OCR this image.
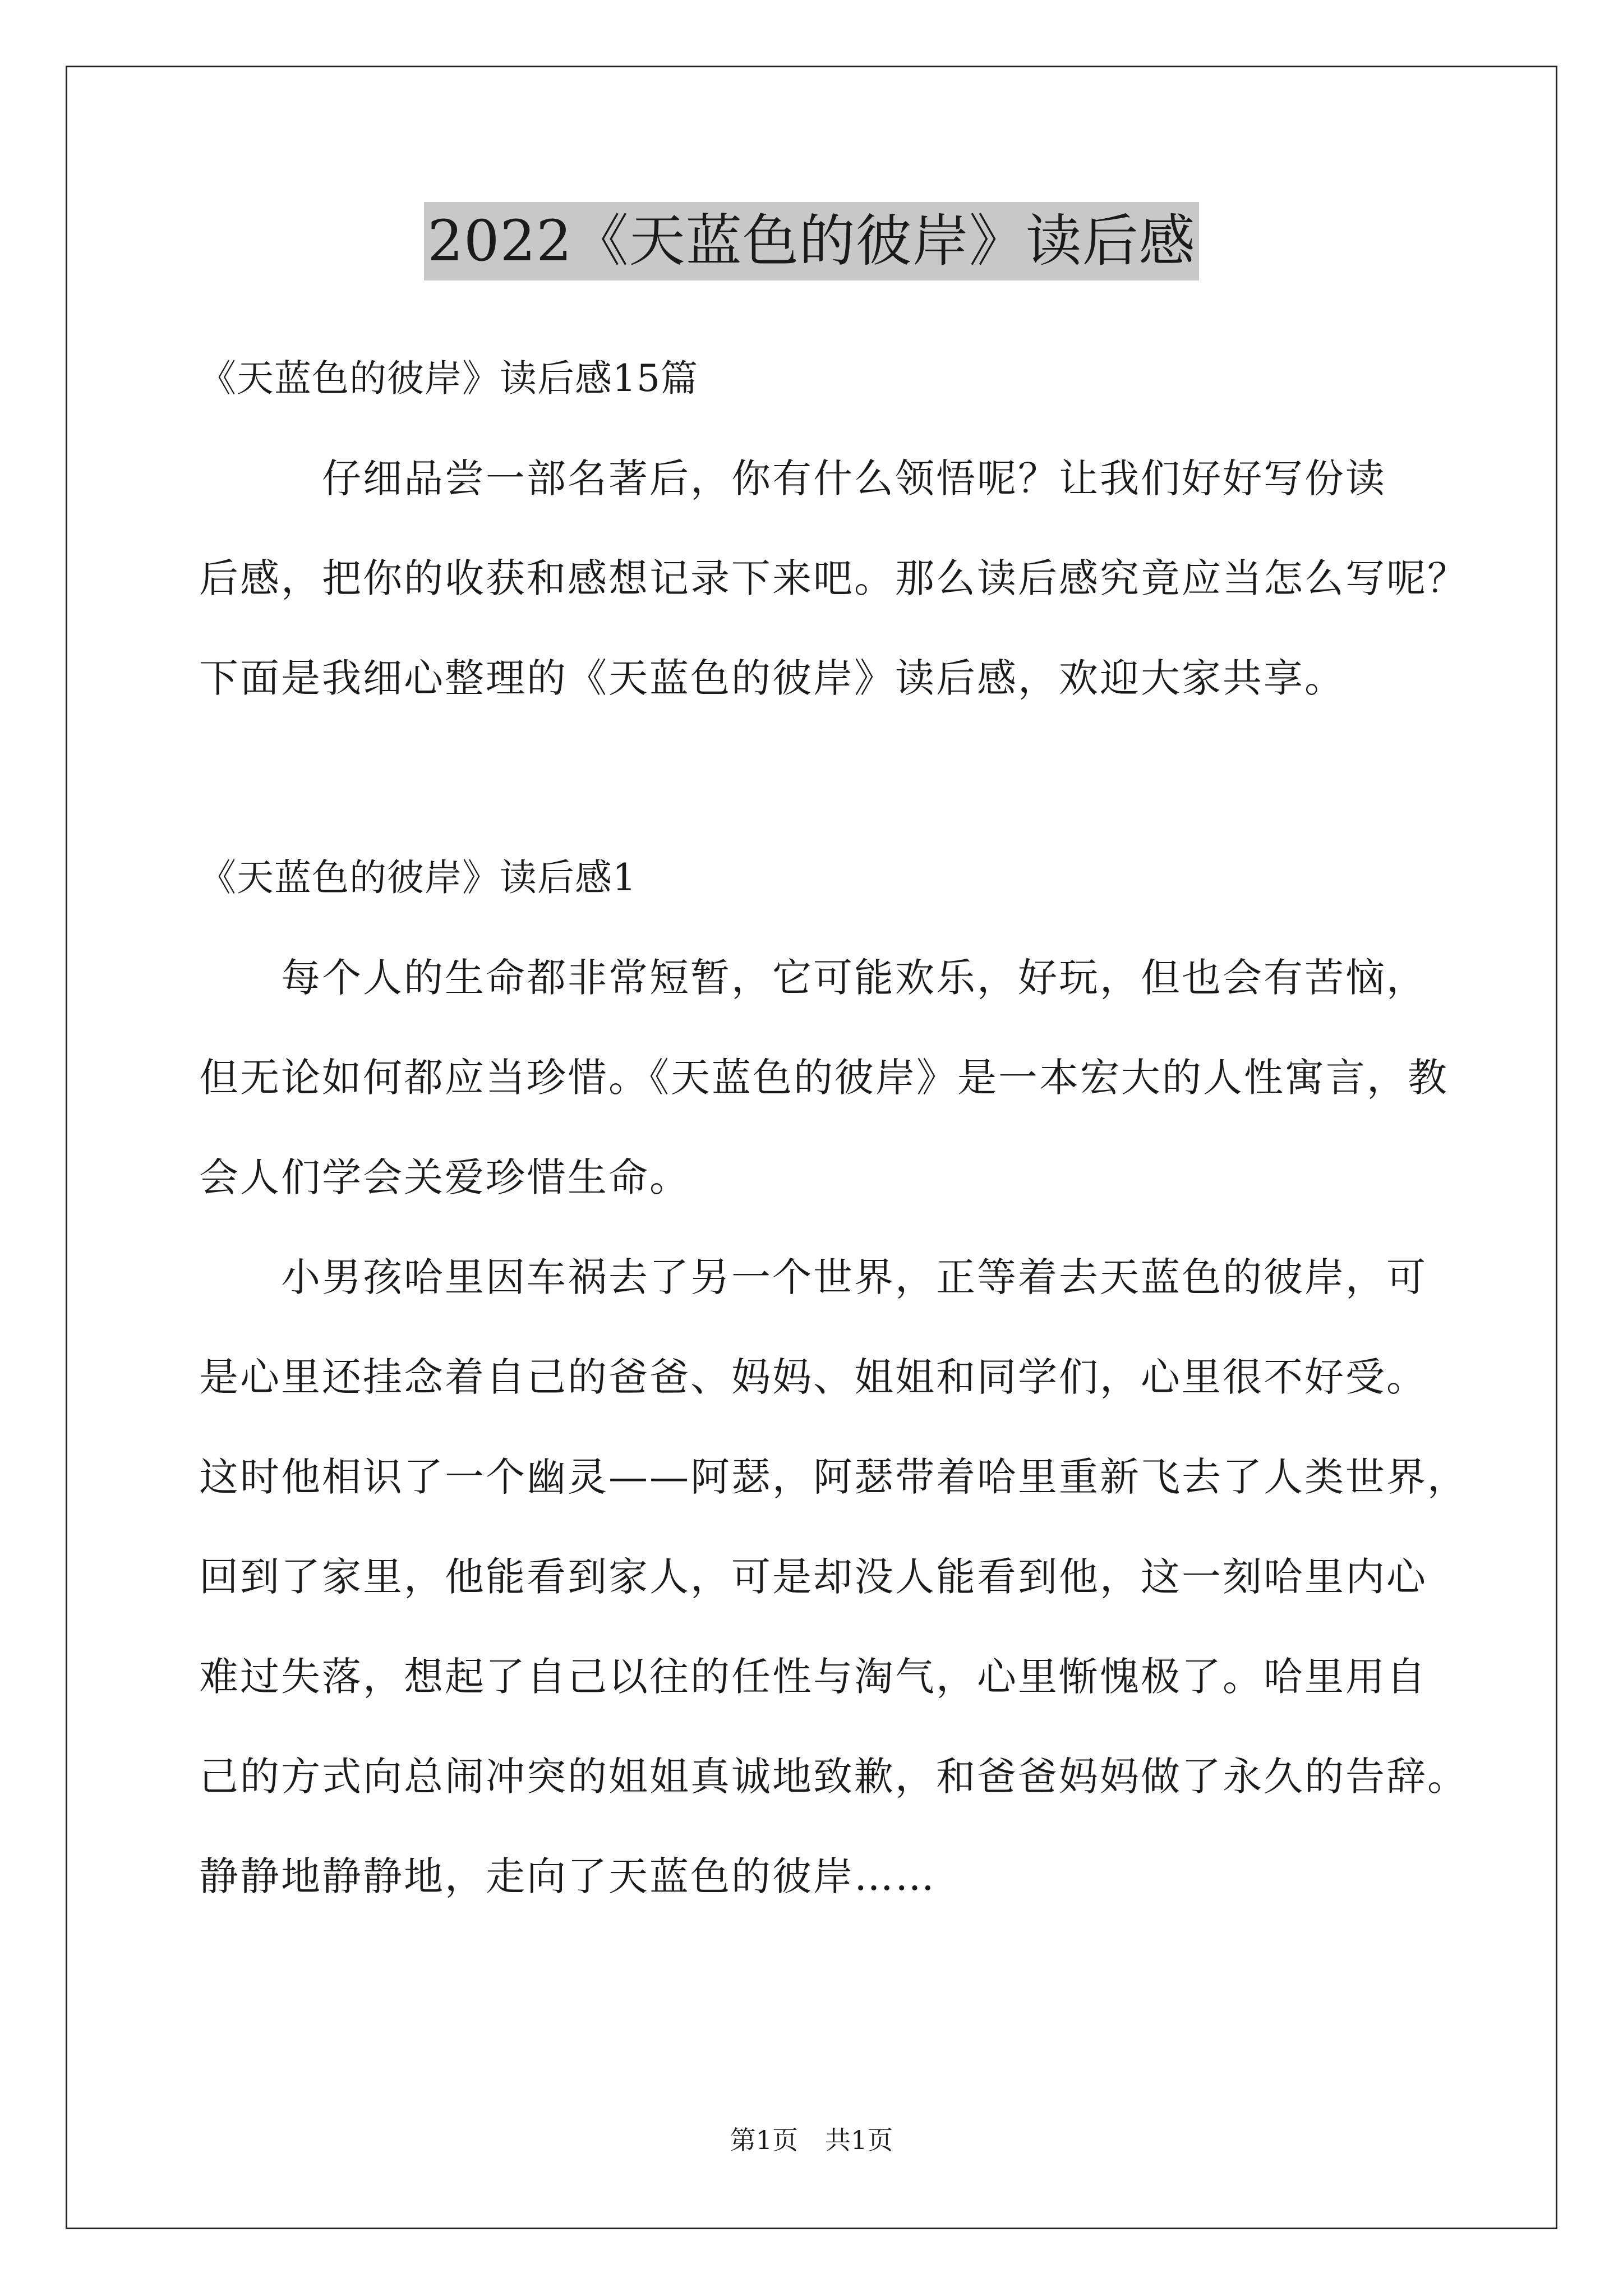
2022《天蓝色的彼岸》读后感
《天蓝色的彼岸》读后感15篇
仔细品尝一部名著后，你有什么领悟呢？让我们好好写份读
后感，把你的收获和感想记录下来吧。那么读后感究竟应当怎么写呢？
下面是我细心整理的《天蓝色的彼岸》读后感，欢迎大家共享。
《天蓝色的彼岸》读后感1
每个人的生命都非常短暂，它可能欢乐，好玩，但也会有苦恼，
但无论如何都应当珍惜。《天蓝色的彼岸》是一本宏大的人性寓言，教
会人们学会关爱珍惜生命。
小男孩哈里因车祸去了另一个世界，正等着去天蓝色的彼岸，可
是心里还挂念着自己的爸爸、妈妈、姐姐和同学们，心里很不好受。
这时他相识了一个幽灵——阿瑟，阿瑟带着哈里重新飞去了人类世界，
回到了家里，他能看到家人，可是却没人能看到他，这一刻哈里内心
难过失落，想起了自己以往的任性与淘气，心里惭愧极了。哈里用自
己的方式向总闹冲突的姐姐真诚地致歉，和爸爸妈妈做了永久的告辞。
静静地静静地，走向了天蓝色的彼岸……
第1页 共1页
